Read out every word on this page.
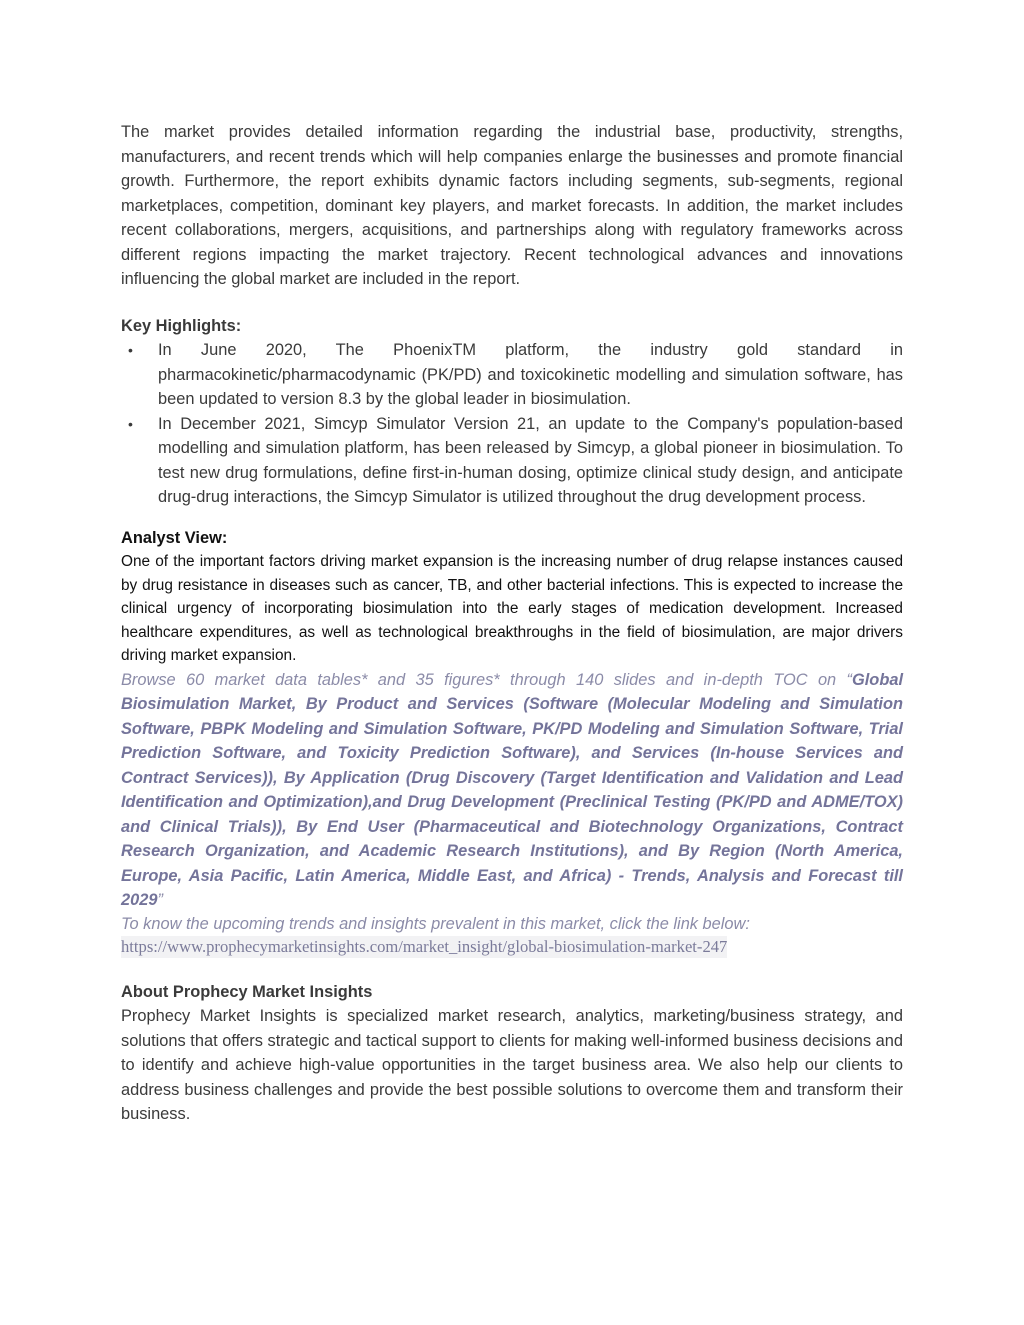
The market provides detailed information regarding the industrial base, productivity, strengths, manufacturers, and recent trends which will help companies enlarge the businesses and promote financial growth. Furthermore, the report exhibits dynamic factors including segments, sub-segments, regional marketplaces, competition, dominant key players, and market forecasts. In addition, the market includes recent collaborations, mergers, acquisitions, and partnerships along with regulatory frameworks across different regions impacting the market trajectory. Recent technological advances and innovations influencing the global market are included in the report.

Key Highlights:

• In June 2020, The PhoenixTM platform, the industry gold standard in pharmacokinetic/pharmacodynamic (PK/PD) and toxicokinetic modelling and simulation software, has been updated to version 8.3 by the global leader in biosimulation.
• In December 2021, Simcyp Simulator Version 21, an update to the Company's population-based modelling and simulation platform, has been released by Simcyp, a global pioneer in biosimulation. To test new drug formulations, define first-in-human dosing, optimize clinical study design, and anticipate drug-drug interactions, the Simcyp Simulator is utilized throughout the drug development process.

Analyst View:

One of the important factors driving market expansion is the increasing number of drug relapse instances caused by drug resistance in diseases such as cancer, TB, and other bacterial infections. This is expected to increase the clinical urgency of incorporating biosimulation into the early stages of medication development. Increased healthcare expenditures, as well as technological breakthroughs in the field of biosimulation, are major drivers driving market expansion.

Browse 60 market data tables* and 35 figures* through 140 slides and in-depth TOC on “Global Biosimulation Market, By Product and Services (Software (Molecular Modeling and Simulation Software, PBPK Modeling and Simulation Software, PK/PD Modeling and Simulation Software, Trial Prediction Software, and Toxicity Prediction Software), and Services (In-house Services and Contract Services)), By Application (Drug Discovery (Target Identification and Validation and Lead Identification and Optimization),and Drug Development (Preclinical Testing (PK/PD and ADME/TOX) and Clinical Trials)), By End User (Pharmaceutical and Biotechnology Organizations, Contract Research Organization, and Academic Research Institutions), and By Region (North America, Europe, Asia Pacific, Latin America, Middle East, and Africa) - Trends, Analysis and Forecast till 2029”

To know the upcoming trends and insights prevalent in this market, click the link below:

https://www.prophecymarketinsights.com/market_insight/global-biosimulation-market-247

About Prophecy Market Insights

Prophecy Market Insights is specialized market research, analytics, marketing/business strategy, and solutions that offers strategic and tactical support to clients for making well-informed business decisions and to identify and achieve high-value opportunities in the target business area. We also help our clients to address business challenges and provide the best possible solutions to overcome them and transform their business.
